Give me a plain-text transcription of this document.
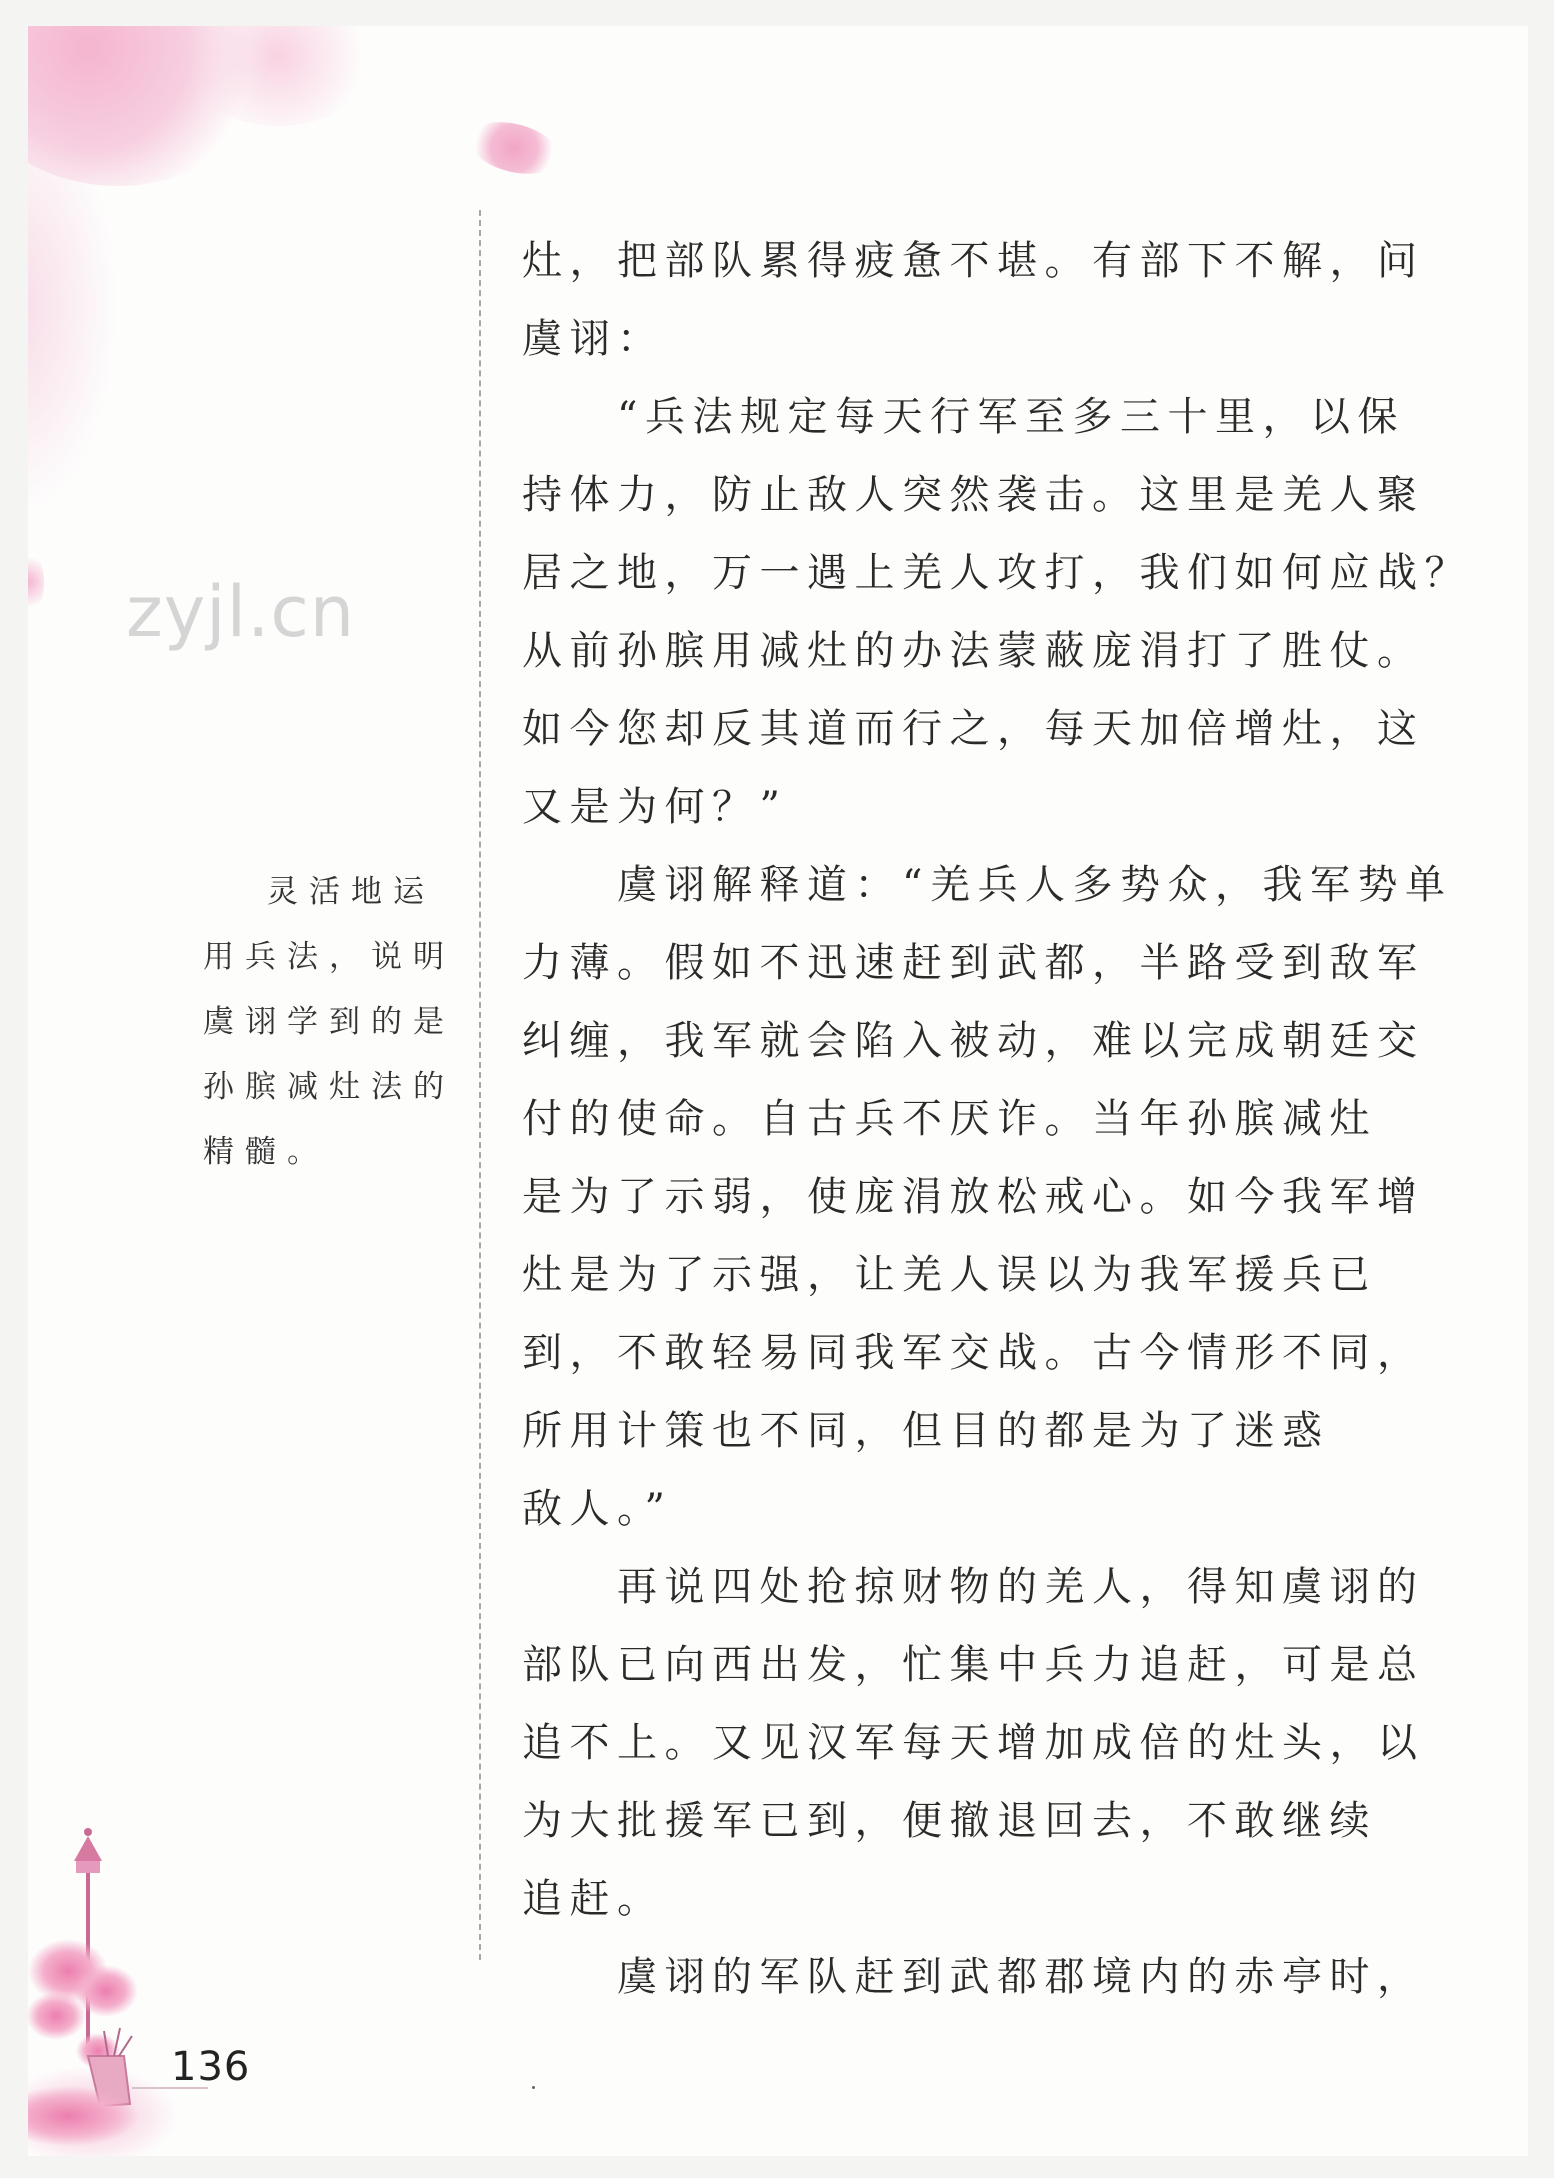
zyjl.cn

灵活地运

用兵法，说明

虞诩学到的是

孙膑减灶法的

精髓。

灶，把部队累得疲惫不堪。有部下不解，问

虞诩：

　　“兵法规定每天行军至多三十里，以保

持体力，防止敌人突然袭击。这里是羌人聚

居之地，万一遇上羌人攻打，我们如何应战？

从前孙膑用减灶的办法蒙蔽庞涓打了胜仗。

如今您却反其道而行之，每天加倍增灶，这

又是为何？”

　　虞诩解释道：“羌兵人多势众，我军势单

力薄。假如不迅速赶到武都，半路受到敌军

纠缠，我军就会陷入被动，难以完成朝廷交

付的使命。自古兵不厌诈。当年孙膑减灶

是为了示弱，使庞涓放松戒心。如今我军增

灶是为了示强，让羌人误以为我军援兵已

到，不敢轻易同我军交战。古今情形不同，

所用计策也不同，但目的都是为了迷惑

敌人。”

　　再说四处抢掠财物的羌人，得知虞诩的

部队已向西出发，忙集中兵力追赶，可是总

追不上。又见汉军每天增加成倍的灶头，以

为大批援军已到，便撤退回去，不敢继续

追赶。

　　虞诩的军队赶到武都郡境内的赤亭时，

136
